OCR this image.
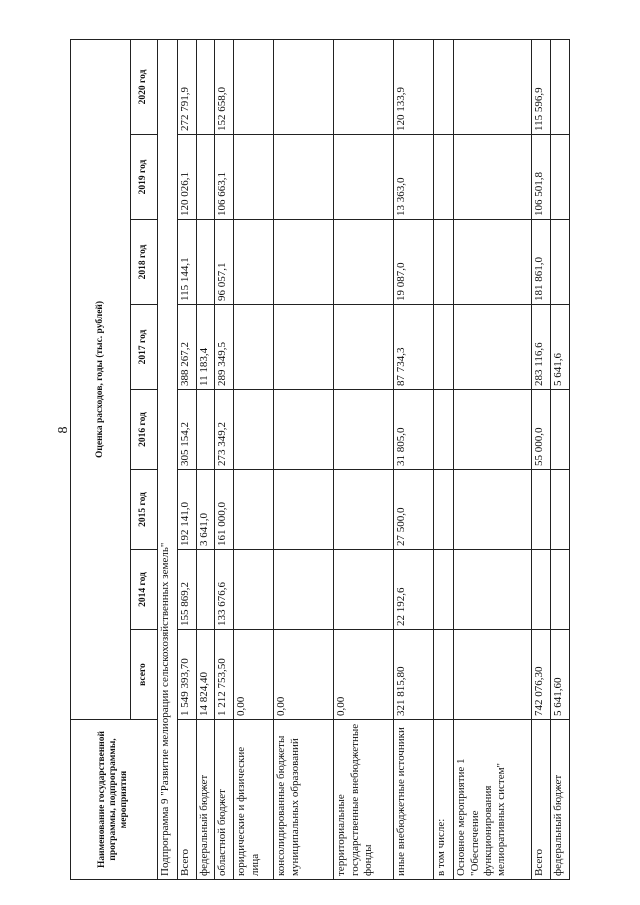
8
Наименование государственной программы, подпрограммы, мероприятия	Оценка расходов, годы (тыс. рублей)							
	всего	2014 год	2015 год	2016 год	2017 год	2018 год	2019 год	2020 год
Подпрограмма 9 "Развитие мелиорации сельскохозяйственных земель"								
Всего	1 549 393,70	155 869,2	192 141,0	305 154,2	388 267,2	115 144,1	120 026,1	272 791,9
федеральный бюджет	14 824,40		3 641,0		11 183,4			
областной бюджет	1 212 753,50	133 676,6	161 000,0	273 349,2	289 349,5	96 057,1	106 663,1	152 658,0
юридические и физические лица	0,00							
консолидированные бюджеты муниципальных образований	0,00							
территориальные государственные внебюджетные фонды	0,00							
иные внебюджетные источники	321 815,80	22 192,6	27 500,0	31 805,0	87 734,3	19 087,0	13 363,0	120 133,9
в том числе:								
Основное мероприятие 1 "Обеспечение функционирования мелиоративных систем"								
Всего	742 076,30			55 000,0	283 116,6	181 861,0	106 501,8	115 596,9
федеральный бюджет	5 641,60				5 641,6			
